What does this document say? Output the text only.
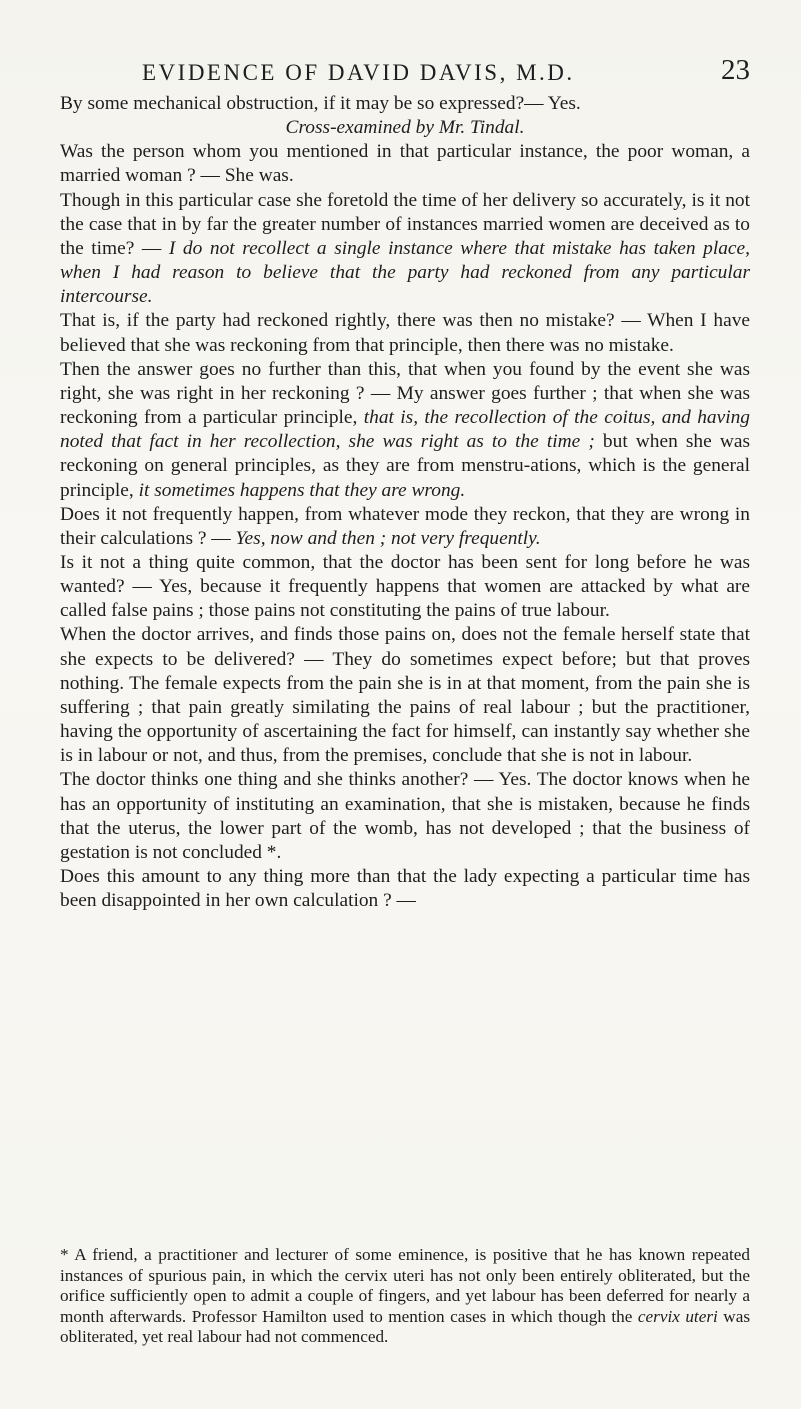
EVIDENCE OF DAVID DAVIS, M.D.	23

By some mechanical obstruction, if it may be so expressed?— Yes.

Cross-examined by Mr. Tindal.

Was the person whom you mentioned in that particular instance, the poor woman, a married woman ? — She was.

Though in this particular case she foretold the time of her delivery so accurately, is it not the case that in by far the greater number of instances married women are deceived as to the time? — I do not recollect a single instance where that mistake has taken place, when I had reason to believe that the party had reckoned from any particular intercourse.

That is, if the party had reckoned rightly, there was then no mistake? — When I have believed that she was reckoning from that principle, then there was no mistake.

Then the answer goes no further than this, that when you found by the event she was right, she was right in her reckoning ? — My answer goes further ; that when she was reckoning from a particular principle, that is, the recollection of the coitus, and having noted that fact in her recollection, she was right as to the time ; but when she was reckoning on general principles, as they are from menstru-ations, which is the general principle, it sometimes happens that they are wrong.

Does it not frequently happen, from whatever mode they reckon, that they are wrong in their calculations ? — Yes, now and then ; not very frequently.

Is it not a thing quite common, that the doctor has been sent for long before he was wanted? — Yes, because it frequently happens that women are attacked by what are called false pains ; those pains not constituting the pains of true labour.

When the doctor arrives, and finds those pains on, does not the female herself state that she expects to be delivered? — They do sometimes expect before; but that proves nothing. The female expects from the pain she is in at that moment, from the pain she is suffering ; that pain greatly similating the pains of real labour ; but the practitioner, having the opportunity of ascertaining the fact for himself, can instantly say whether she is in labour or not, and thus, from the premises, conclude that she is not in labour.

The doctor thinks one thing and she thinks another? — Yes. The doctor knows when he has an opportunity of instituting an examination, that she is mistaken, because he finds that the uterus, the lower part of the womb, has not developed ; that the business of gestation is not concluded *.

Does this amount to any thing more than that the lady expecting a particular time has been disappointed in her own calculation ? —

* A friend, a practitioner and lecturer of some eminence, is positive that he has known repeated instances of spurious pain, in which the cervix uteri has not only been entirely obliterated, but the orifice sufficiently open to admit a couple of fingers, and yet labour has been deferred for nearly a month afterwards. Professor Hamilton used to mention cases in which though the cervix uteri was obliterated, yet real labour had not commenced.
